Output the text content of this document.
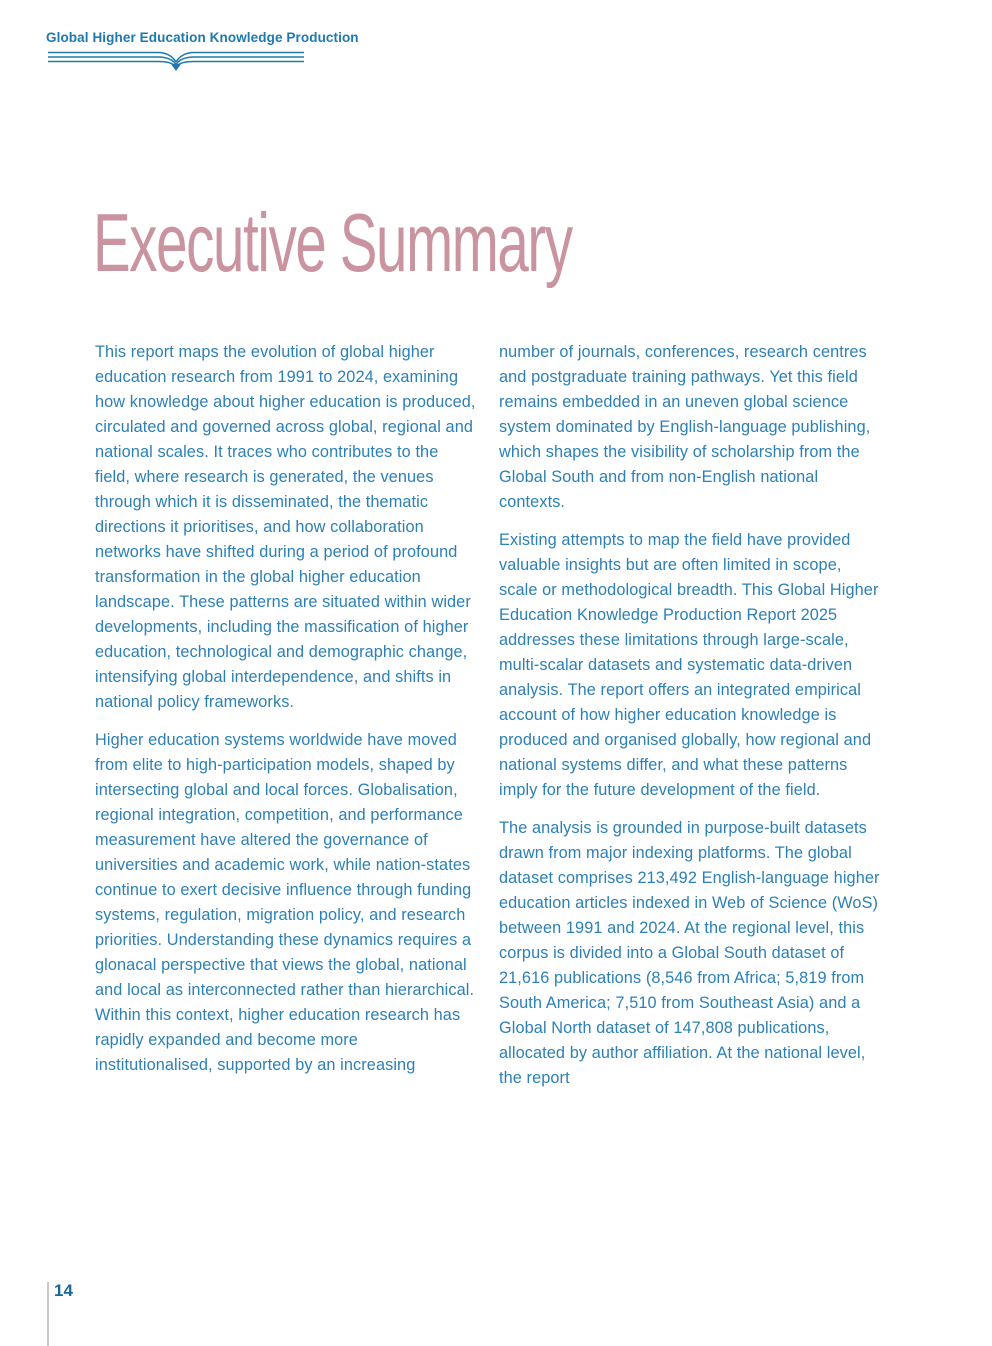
Global Higher Education Knowledge Production
Executive Summary

This report maps the evolution of global higher education research from 1991 to 2024, examining how knowledge about higher education is produced, circulated and governed across global, regional and national scales. It traces who contributes to the field, where research is generated, the venues through which it is disseminated, the thematic directions it prioritises, and how collaboration networks have shifted during a period of profound transformation in the global higher education landscape. These patterns are situated within wider developments, including the massification of higher education, technological and demographic change, intensifying global interdependence, and shifts in national policy frameworks.

Higher education systems worldwide have moved from elite to high-participation models, shaped by intersecting global and local forces. Globalisation, regional integration, competition, and performance measurement have altered the governance of universities and academic work, while nation-states continue to exert decisive influence through funding systems, regulation, migration policy, and research priorities. Understanding these dynamics requires a glonacal perspective that views the global, national and local as interconnected rather than hierarchical. Within this context, higher education research has rapidly expanded and become more institutionalised, supported by an increasing

number of journals, conferences, research centres and postgraduate training pathways. Yet this field remains embedded in an uneven global science system dominated by English-language publishing, which shapes the visibility of scholarship from the Global South and from non-English national contexts.

Existing attempts to map the field have provided valuable insights but are often limited in scope, scale or methodological breadth. This Global Higher Education Knowledge Production Report 2025 addresses these limitations through large-scale, multi-scalar datasets and systematic data-driven analysis. The report offers an integrated empirical account of how higher education knowledge is produced and organised globally, how regional and national systems differ, and what these patterns imply for the future development of the field.

The analysis is grounded in purpose-built datasets drawn from major indexing platforms. The global dataset comprises 213,492 English-language higher education articles indexed in Web of Science (WoS) between 1991 and 2024. At the regional level, this corpus is divided into a Global South dataset of 21,616 publications (8,546 from Africa; 5,819 from South America; 7,510 from Southeast Asia) and a Global North dataset of 147,808 publications, allocated by author affiliation. At the national level, the report

14
